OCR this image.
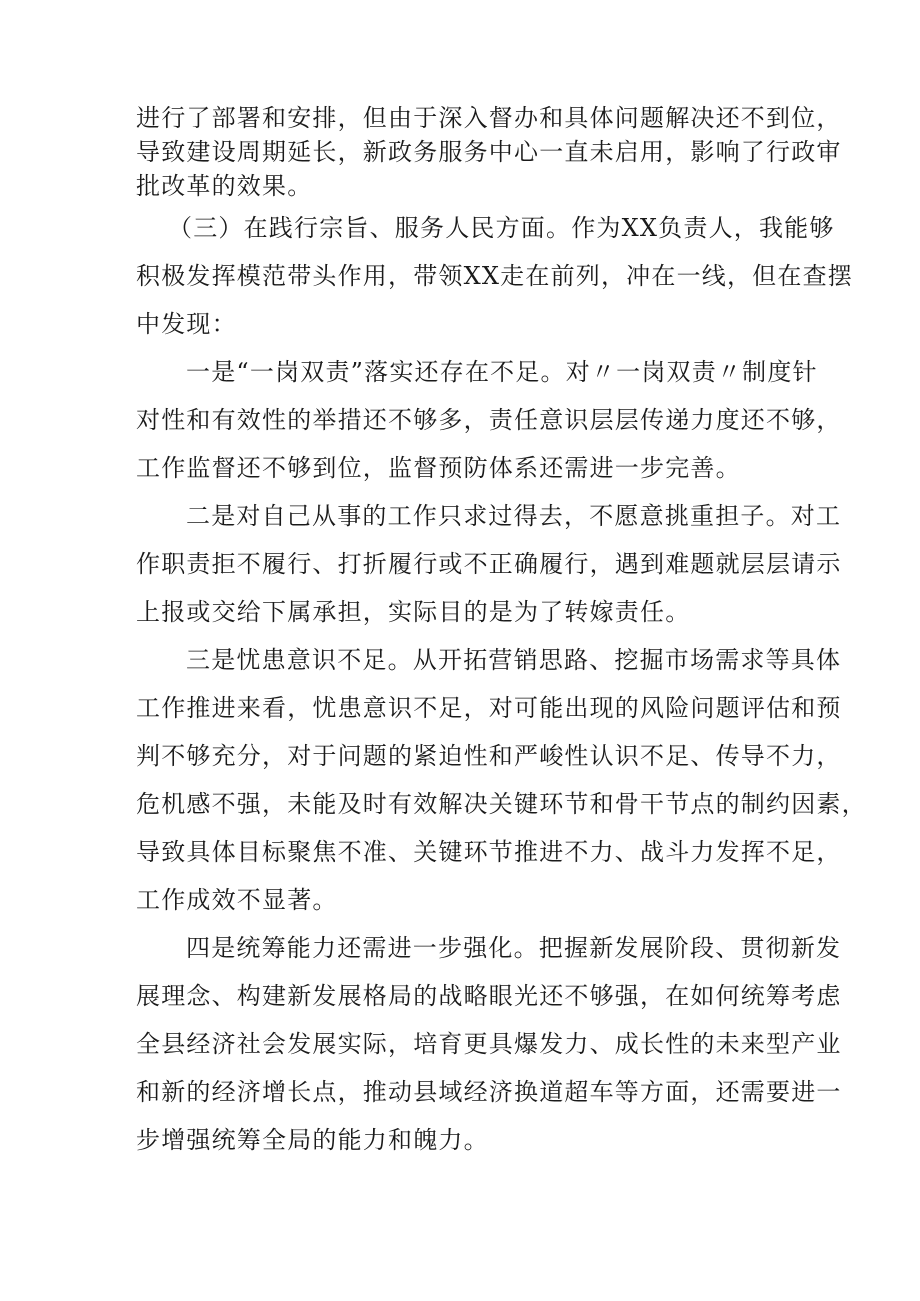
进行了部署和安排，但由于深入督办和具体问题解决还不到位，
导致建设周期延长，新政务服务中心一直未启用，影响了行政审
批改革的效果。
（三）在践行宗旨、服务人民方面。作为XX负责人，我能够
积极发挥模范带头作用，带领XX走在前列，冲在一线，但在查摆
中发现：
一是“一岗双责”落实还存在不足。对〃一岗双责〃制度针
对性和有效性的举措还不够多，责任意识层层传递力度还不够，
工作监督还不够到位，监督预防体系还需进一步完善。
二是对自己从事的工作只求过得去，不愿意挑重担子。对工
作职责拒不履行、打折履行或不正确履行，遇到难题就层层请示
上报或交给下属承担，实际目的是为了转嫁责任。
三是忧患意识不足。从开拓营销思路、挖掘市场需求等具体
工作推进来看，忧患意识不足，对可能出现的风险问题评估和预
判不够充分，对于问题的紧迫性和严峻性认识不足、传导不力，
危机感不强，未能及时有效解决关键环节和骨干节点的制约因素，
导致具体目标聚焦不准、关键环节推进不力、战斗力发挥不足，
工作成效不显著。
四是统筹能力还需进一步强化。把握新发展阶段、贯彻新发
展理念、构建新发展格局的战略眼光还不够强，在如何统筹考虑
全县经济社会发展实际，培育更具爆发力、成长性的未来型产业
和新的经济增长点，推动县域经济换道超车等方面，还需要进一
步增强统筹全局的能力和魄力。
